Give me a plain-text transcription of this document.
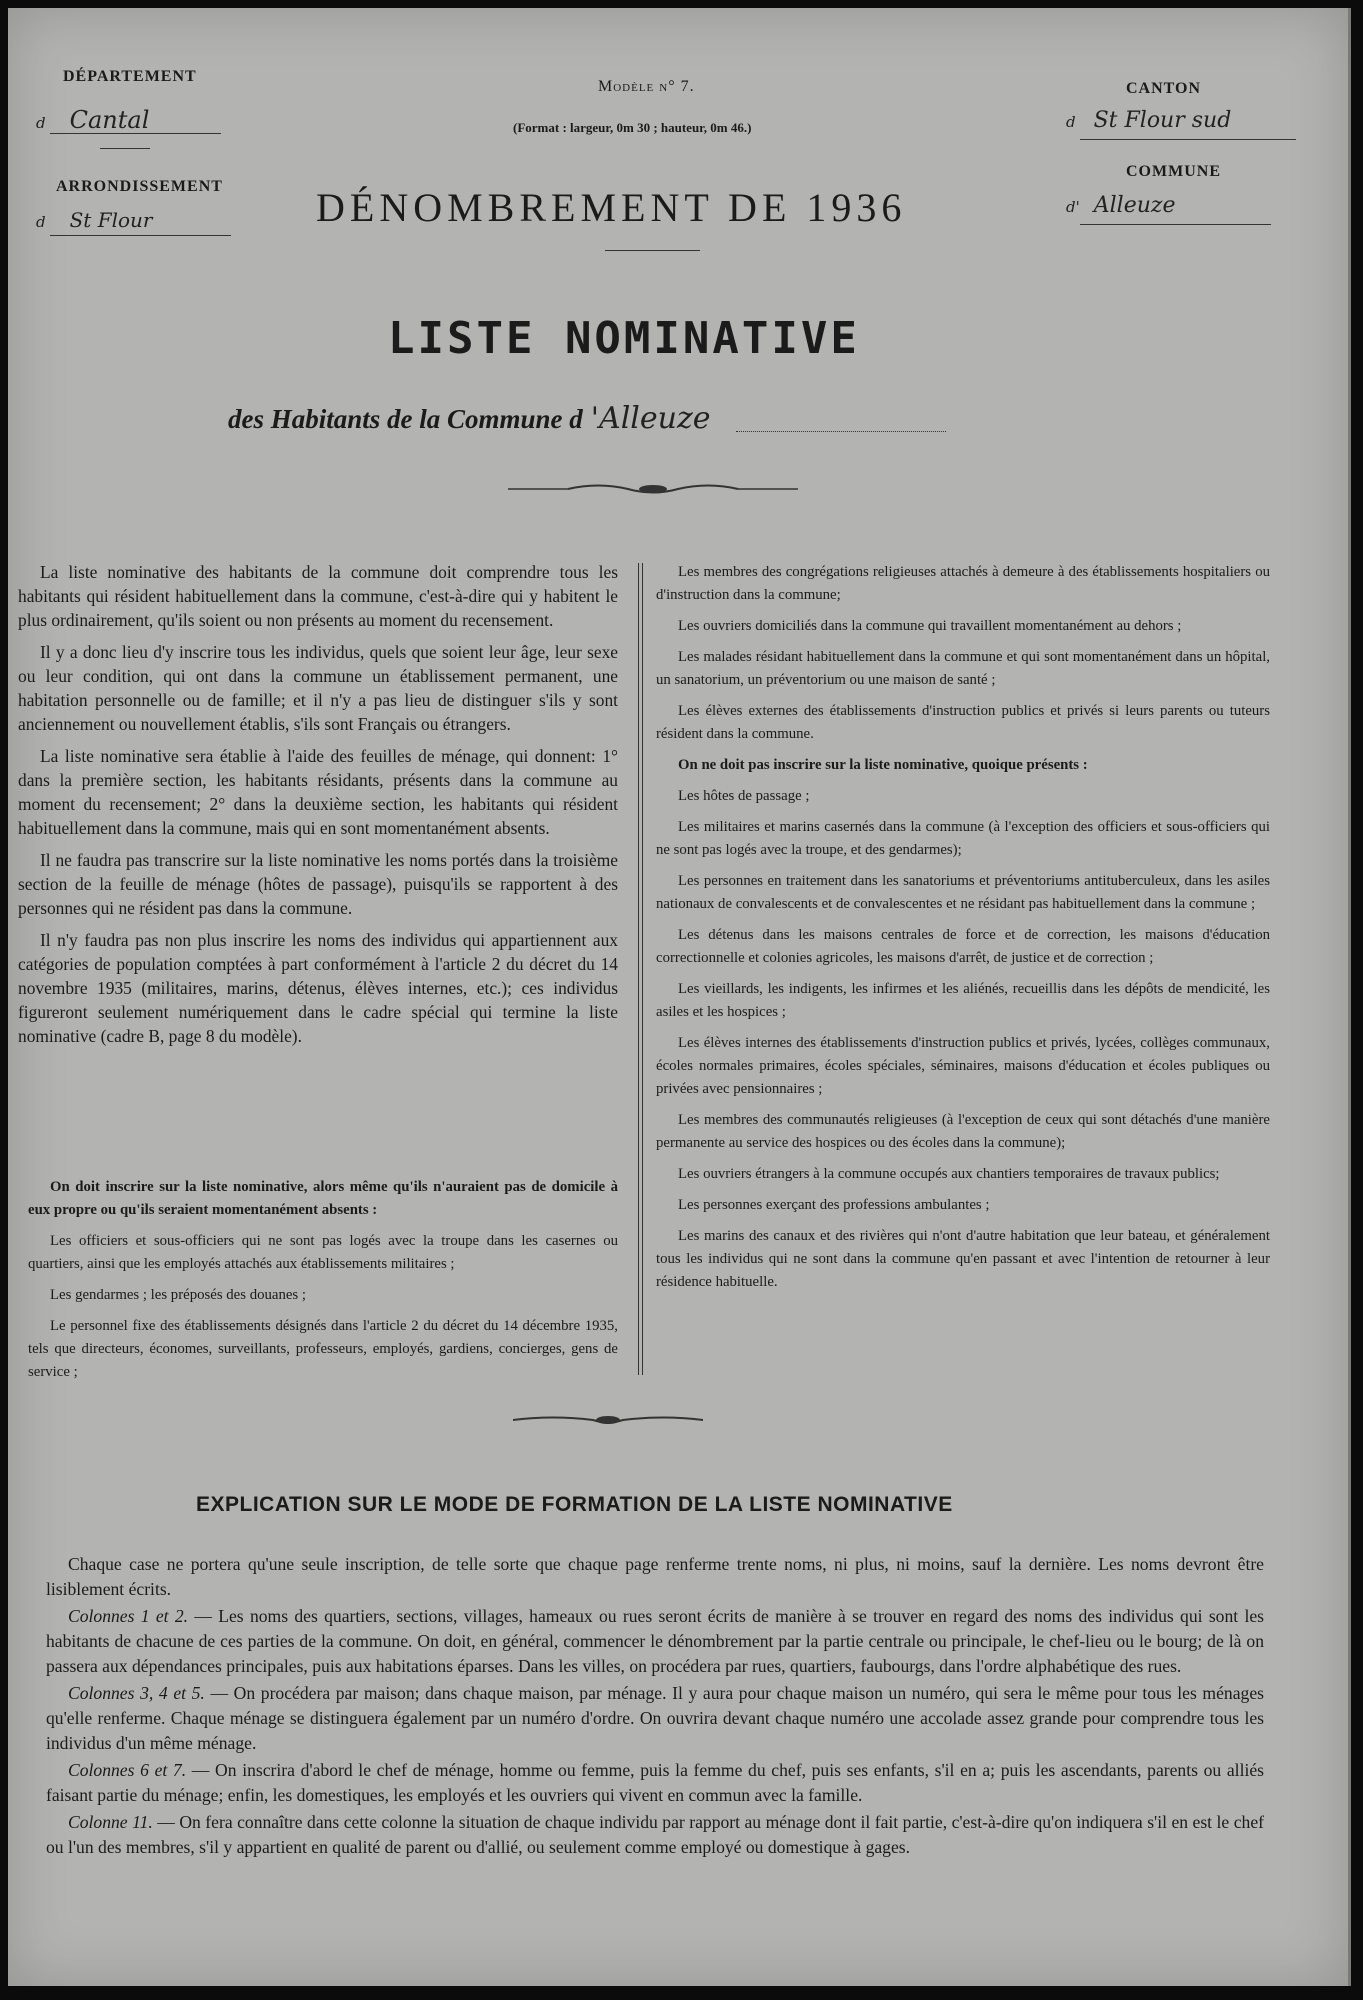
DÉPARTEMENT
d Cantal
ARRONDISSEMENT
d St Flour
Modèle n° 7.
(Format : largeur, 0m 30 ; hauteur, 0m 46.)
CANTON
d St Flour sud
COMMUNE
d' Alleuze
DÉNOMBREMENT DE 1936
LISTE NOMINATIVE
des Habitants de la Commune d 'Alleuze

La liste nominative des habitants de la commune doit comprendre tous les habitants qui résident habituellement dans la commune, c'est-à-dire qui y habitent le plus ordinairement, qu'ils soient ou non présents au moment du recensement.

Il y a donc lieu d'y inscrire tous les individus, quels que soient leur âge, leur sexe ou leur condition, qui ont dans la commune un établissement permanent, une habitation personnelle ou de famille; et il n'y a pas lieu de distinguer s'ils y sont anciennement ou nouvellement établis, s'ils sont Français ou étrangers.

La liste nominative sera établie à l'aide des feuilles de ménage, qui donnent: 1° dans la première section, les habitants résidants, présents dans la commune au moment du recensement; 2° dans la deuxième section, les habitants qui résident habituellement dans la commune, mais qui en sont momentanément absents.

Il ne faudra pas transcrire sur la liste nominative les noms portés dans la troisième section de la feuille de ménage (hôtes de passage), puisqu'ils se rapportent à des personnes qui ne résident pas dans la commune.

Il n'y faudra pas non plus inscrire les noms des individus qui appartiennent aux catégories de population comptées à part conformément à l'article 2 du décret du 14 novembre 1935 (militaires, marins, détenus, élèves internes, etc.); ces individus figureront seulement numériquement dans le cadre spécial qui termine la liste nominative (cadre B, page 8 du modèle).

On doit inscrire sur la liste nominative, alors même qu'ils n'auraient pas de domicile à eux propre ou qu'ils seraient momentanément absents :

Les officiers et sous-officiers qui ne sont pas logés avec la troupe dans les casernes ou quartiers, ainsi que les employés attachés aux établissements militaires ;

Les gendarmes ; les préposés des douanes ;

Le personnel fixe des établissements désignés dans l'article 2 du décret du 14 décembre 1935, tels que directeurs, économes, surveillants, professeurs, employés, gardiens, concierges, gens de service ;

Les membres des congrégations religieuses attachés à demeure à des établissements hospitaliers ou d'instruction dans la commune;

Les ouvriers domiciliés dans la commune qui travaillent momentanément au dehors ;

Les malades résidant habituellement dans la commune et qui sont momentanément dans un hôpital, un sanatorium, un préventorium ou une maison de santé ;

Les élèves externes des établissements d'instruction publics et privés si leurs parents ou tuteurs résident dans la commune.

On ne doit pas inscrire sur la liste nominative, quoique présents :

Les hôtes de passage ;

Les militaires et marins casernés dans la commune (à l'exception des officiers et sous-officiers qui ne sont pas logés avec la troupe, et des gendarmes);

Les personnes en traitement dans les sanatoriums et préventoriums antituberculeux, dans les asiles nationaux de convalescents et de convalescentes et ne résidant pas habituellement dans la commune ;

Les détenus dans les maisons centrales de force et de correction, les maisons d'éducation correctionnelle et colonies agricoles, les maisons d'arrêt, de justice et de correction ;

Les vieillards, les indigents, les infirmes et les aliénés, recueillis dans les dépôts de mendicité, les asiles et les hospices ;

Les élèves internes des établissements d'instruction publics et privés, lycées, collèges communaux, écoles normales primaires, écoles spéciales, séminaires, maisons d'éducation et écoles publiques ou privées avec pensionnaires ;

Les membres des communautés religieuses (à l'exception de ceux qui sont détachés d'une manière permanente au service des hospices ou des écoles dans la commune);

Les ouvriers étrangers à la commune occupés aux chantiers temporaires de travaux publics;

Les personnes exerçant des professions ambulantes ;

Les marins des canaux et des rivières qui n'ont d'autre habitation que leur bateau, et généralement tous les individus qui ne sont dans la commune qu'en passant et avec l'intention de retourner à leur résidence habituelle.

EXPLICATION SUR LE MODE DE FORMATION DE LA LISTE NOMINATIVE

Chaque case ne portera qu'une seule inscription, de telle sorte que chaque page renferme trente noms, ni plus, ni moins, sauf la dernière. Les noms devront être lisiblement écrits.

Colonnes 1 et 2. — Les noms des quartiers, sections, villages, hameaux ou rues seront écrits de manière à se trouver en regard des noms des individus qui sont les habitants de chacune de ces parties de la commune. On doit, en général, commencer le dénombrement par la partie centrale ou principale, le chef-lieu ou le bourg; de là on passera aux dépendances principales, puis aux habitations éparses. Dans les villes, on procédera par rues, quartiers, faubourgs, dans l'ordre alphabétique des rues.

Colonnes 3, 4 et 5. — On procédera par maison; dans chaque maison, par ménage. Il y aura pour chaque maison un numéro, qui sera le même pour tous les ménages qu'elle renferme. Chaque ménage se distinguera également par un numéro d'ordre. On ouvrira devant chaque numéro une accolade assez grande pour comprendre tous les individus d'un même ménage.

Colonnes 6 et 7. — On inscrira d'abord le chef de ménage, homme ou femme, puis la femme du chef, puis ses enfants, s'il en a; puis les ascendants, parents ou alliés faisant partie du ménage; enfin, les domestiques, les employés et les ouvriers qui vivent en commun avec la famille.

Colonne 11. — On fera connaître dans cette colonne la situation de chaque individu par rapport au ménage dont il fait partie, c'est-à-dire qu'on indiquera s'il en est le chef ou l'un des membres, s'il y appartient en qualité de parent ou d'allié, ou seulement comme employé ou domestique à gages.
